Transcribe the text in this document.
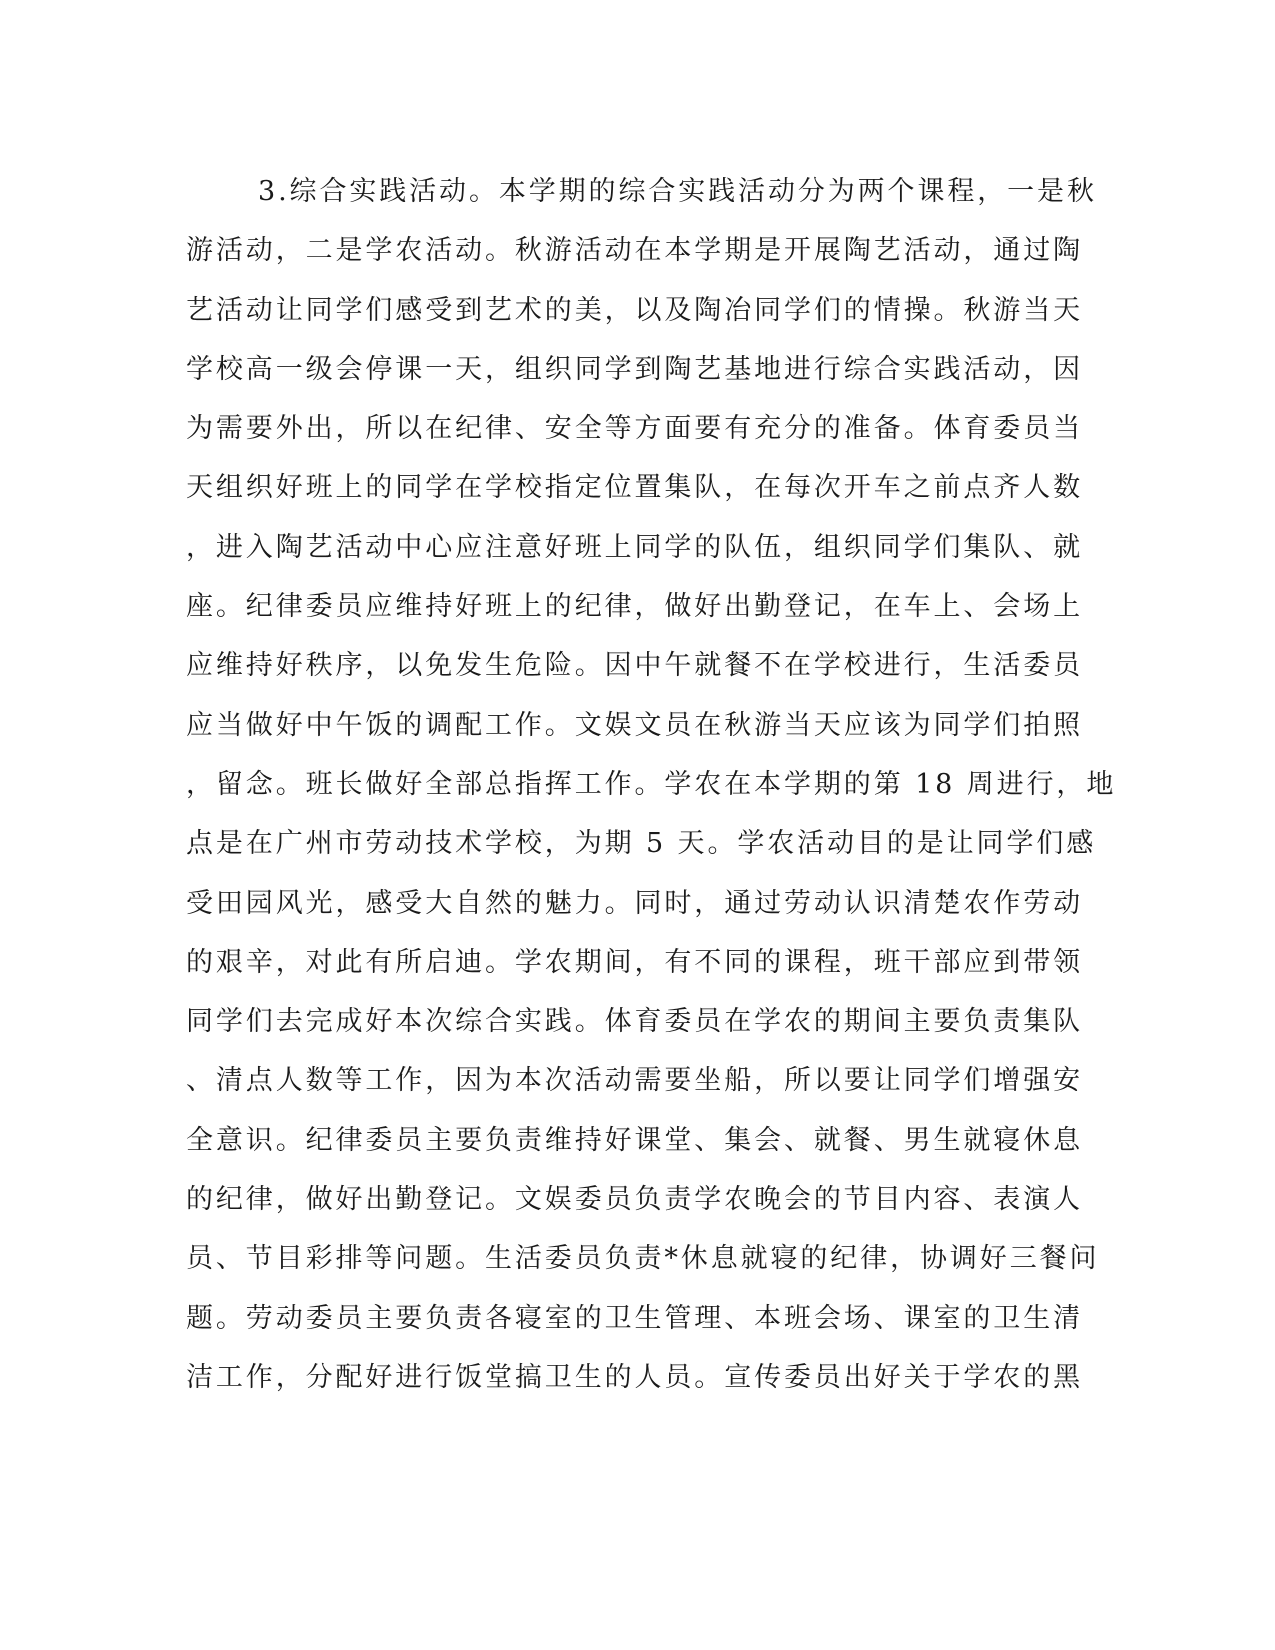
3.综合实践活动。本学期的综合实践活动分为两个课程，一是秋

游活动，二是学农活动。秋游活动在本学期是开展陶艺活动，通过陶

艺活动让同学们感受到艺术的美，以及陶冶同学们的情操。秋游当天

学校高一级会停课一天，组织同学到陶艺基地进行综合实践活动，因

为需要外出，所以在纪律、安全等方面要有充分的准备。体育委员当

天组织好班上的同学在学校指定位置集队，在每次开车之前点齐人数

，进入陶艺活动中心应注意好班上同学的队伍，组织同学们集队、就

座。纪律委员应维持好班上的纪律，做好出勤登记，在车上、会场上

应维持好秩序，以免发生危险。因中午就餐不在学校进行，生活委员

应当做好中午饭的调配工作。文娱文员在秋游当天应该为同学们拍照

，留念。班长做好全部总指挥工作。学农在本学期的第 18 周进行，地

点是在广州市劳动技术学校，为期 5 天。学农活动目的是让同学们感

受田园风光，感受大自然的魅力。同时，通过劳动认识清楚农作劳动

的艰辛，对此有所启迪。学农期间，有不同的课程，班干部应到带领

同学们去完成好本次综合实践。体育委员在学农的期间主要负责集队

、清点人数等工作，因为本次活动需要坐船，所以要让同学们增强安

全意识。纪律委员主要负责维持好课堂、集会、就餐、男生就寝休息

的纪律，做好出勤登记。文娱委员负责学农晚会的节目内容、表演人

员、节目彩排等问题。生活委员负责*休息就寝的纪律，协调好三餐问

题。劳动委员主要负责各寝室的卫生管理、本班会场、课室的卫生清

洁工作，分配好进行饭堂搞卫生的人员。宣传委员出好关于学农的黑
